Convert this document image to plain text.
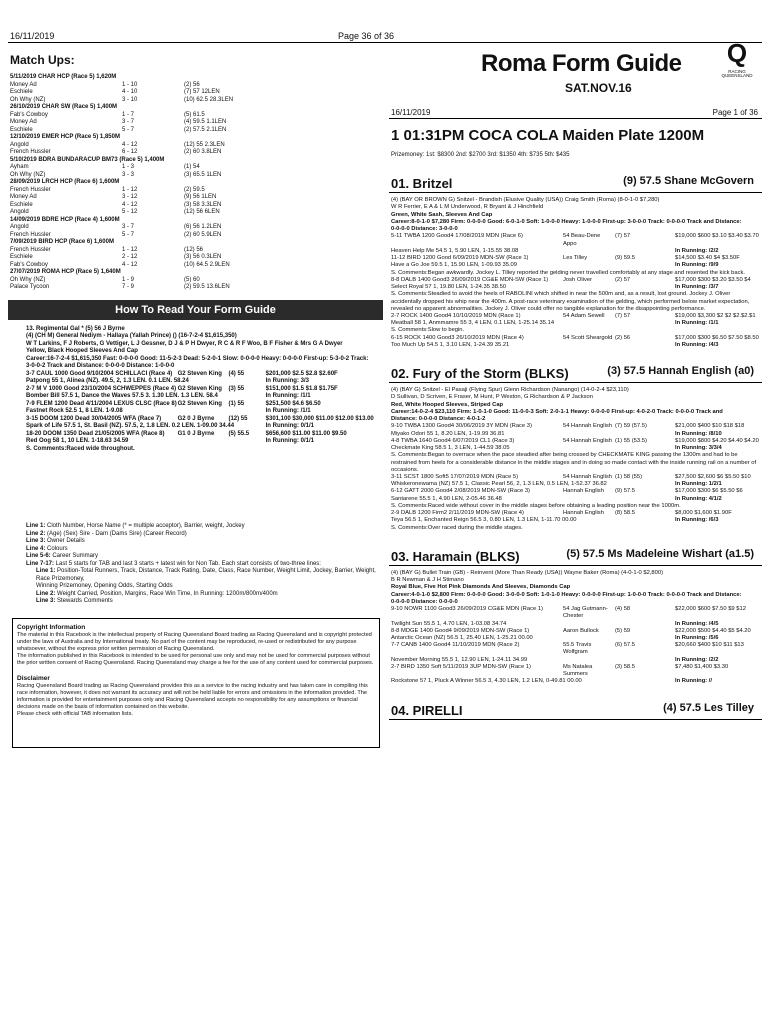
16/11/2019	Page 36 of 36
Match Ups:
5/11/2019 CHAR HCP (Race 5) 1,620M
Money Ad	1 - 10	(2) 56
Eschiele	4 - 10	(7) 57 12LEN
Oh Why (NZ)	3 - 10	(10) 62.5 28.3LEN
26/10/2019 CHAR SW (Race 5) 1,400M
Fab's Cowboy	1 - 7	(5) 61.5
Money Ad	3 - 7	(4) 59.5 1.1LEN
Eschiele	5 - 7	(2) 57.5 2.1LEN
12/10/2019 EMER HCP (Race 5) 1,850M
Angold	4 - 12	(12) 55 2.3LEN
French Hussler	6 - 12	(2) 60 3.8LEN
5/10/2019 BDRA BUNDARACUP BM73 (Race 5) 1,400M
Ayham	1 - 3	(1) 54
Oh Why (NZ)	3 - 3	(3) 65.5 1LEN
28/09/2019 LRCH HCP (Race 6) 1,600M
French Hussler	1 - 12	(2) 59.5
Money Ad	3 - 12	(9) 56 1LEN
Eschiele	4 - 12	(3) 58 3.3LEN
Angold	5 - 12	(12) 56 6LEN
14/09/2019 BDRE HCP (Race 4) 1,600M
Angold	3 - 7	(6) 56 1.2LEN
French Hussler	5 - 7	(2) 60 5.9LEN
7/09/2019 BIRD HCP (Race 6) 1,600M
French Hussler	1 - 12	(12) 56
Eschiele	2 - 12	(3) 56 0.3LEN
Fab's Cowboy	4 - 12	(10) 64.5 2.9LEN
27/07/2019 ROMA HCP (Race 5) 1,640M
Oh Why (NZ)	1 - 9	(5) 60
Palace Tycoon	7 - 9	(2) 59.5 13.6LEN
How To Read Your Form Guide
13. Regimental Gal * (5) 56 J Byrne
(4) (CH M) General Nediym - Hallaya (Yallah Prince) () (16-7-2-4 $1,615,350)
W T Larkins, F J Roberts, G Vettiger, L J Gessner, D J & P H Dwyer, R C & R F Woo, B F Fisher & Mrs G A Dwyer
Yellow, Black Hooped Sleeves And Cap
Career:16-7-2-4 $1,615,350 Fast: 0-0-0-0 Good: 11-5-2-3 Dead: 5-2-0-1 Slow: 0-0-0-0 Heavy: 0-0-0-0 First-up: 5-3-0-2 Track:
3-0-0-2 Track and Distance: 0-0-0-0 Distance: 1-0-0-0
3-7 CAUL 1000 Good 9/10/2004 SCHILLACI (Race 4) G2 Steven King	(4) 55	$201,000 $2.5 $2.8 $2.60F
Patpong 55 1, Alinea (NZ). 49.5, 2, 1.3 LEN. 0.1 LEN. 58.24	In Running: 3/3
2-7 M V 1000 Good 23/10/2004 SCHWEPPES (Race 4) G2 Steven King	(3) 55	$151,000 $1.5 $1.8 $1.75F
Bomber Bill 57.5 1, Dance the Waves 57.5 3. 1.30 LEN. 1.3 LEN. 58.4	In Running: /1/1
7-9 FLEM 1200 Dead 4/11/2004 LEXUS CLSC (Race 8) G2 Steven King	(1) 55	$251,500 $4.6 $6.50
Fastnet Rock 52.5 1, 8 LEN. 1-9.08	In Running: /1/1
3-15 DOOM 1200 Dead 30/04/2005 WFA (Race 7)	G2 0 J Byrne	(12) 55	$301,100 $30,000 $11.00 $12.00 $13.00
Spark of Life 57.5 1, St. Basil (NZ). 57.5, 2, 1.8 LEN. 0.2 LEN. 1-09.00 34.44	In Running: 0/1/1
18-20 DOOM 1350 Dead 21/05/2005 WFA (Race 8)	G1 0 J Byrne	(5) 55.5	$656,600 $11.00 $11.00 $9.50
Red Oog 58 1, 10 LEN. 1-18.63 34.59	In Running: 0/1/1
S. Comments:Raced wide throughout.
Line 1: Cloth Number, Horse Name (* = multiple acceptor), Barrier, weight, Jockey
Line 2: (Age) (Sex) Sire - Dam (Dams Sire) (Career Record)
Line 3: Owner Details
Line 4: Colours
Line 5-6: Career Summary
Line 7-17: Last 5 starts for TAB and last 3 starts + latest win for Non Tab. Each start consists of two-three lines:
Line 1: Position-Total Runners, Track, Distance, Track Rating, Date, Class, Race Number, Weight Limit, Jockey, Barrier, Weight, Race Prizemoney,
Winning Prizemoney, Opening Odds, Starting Odds
Line 2: Weight Carried, Position, Margins, Race Win Time, In Running: 1200m/800m/400m
Line 3: Stewards Comments
Copyright Information
The material in this Racebook is the intellectual property of Racing Queensland Board trading as Racing Queensland and is copyright protected under the laws of Australia and by International treaty. No part of the content may be reproduced, re-used or redistributed for any purpose whatsoever, without the express prior written permission of Racing Queensland.
The information published in this Racebook is intended to be used for personal use only and may not be used for commercial purposes without the prior written consent of Racing Queensland. Racing Queensland may charge a fee for the use of any content used for commercial purposes.
Disclaimer
Racing Queensland Board trading as Racing Queensland provides this as a service to the racing industry and has taken care in compiling this race information, however, it does not warrant its accuracy and will not be held liable for errors and omissions in the information provided. The information is provided for entertainment purposes only and Racing Queensland accepts no responsibility for any assumptions or financial decisions made on the basis of information contained on this website.
Please check with official TAB information lists.
Roma Form Guide Q
RACING QUEENSLAND
SAT.NOV.16
16/11/2019	Page 1 of 36
1 01:31PM COCA COLA Maiden Plate 1200M
Prizemoney: 1st: $8300 2nd: $2700 3rd: $1350 4th: $735 5th: $435
01. Britzel	(9) 57.5 Shane McGovern
(4) (BAY OR BROWN G) Snitzel - Brandish (Elusive Quality (USA)) Craig Smith (Roma) (8-0-1-0 $7,280)
W R Ferrier, E A & L M Underwood, R Bryant & J Hinchfield
Green, White Sash, Sleeves And Cap
Career:8-0-1-0 $7,280 Firm: 0-0-0-0 Good: 6-0-1-0 Soft: 1-0-0-0 Heavy: 1-0-0-0 First-up: 3-0-0-0 Track: 0-0-0-0 Track and Distance:
0-0-0-0 Distance: 3-0-0-0
5-11 TWBA 1200 Good4 17/08/2019 MDN (Race 6)	54 Beau-Dene Appo
(7) 57	$19,000 $600 $3.10 $3.40 $3.70
Heaven Help Me 54.5 1, 5.90 LEN, 1-15.55 38.08	In Running: /2/2
11-12 BIRD 1200 Good 6/09/2019 MDN-SW (Race 1)	Les Tilley	(9) 59.5	$14,500 $3.40 $4 $3.50F
Have a Go Joe 59.5 1, 15.90 LEN, 1-09.93 35.09	In Running: /9/9
S. Comments:Began awkwardly. Jockey L. Tilley reported the gelding never travelled comfortably at any stage and resented the kick back.
8-8 DALB 1400 Good3 26/09/2019 CG&E MDN-SW (Race 1)	Josh Oliver	(2) 57	$17,000 $300 $3.20 $3.50 $4
Select Royal 57 1, 19.80 LEN, 1-24.35 38.50	In Running: /3/7
S. Comments:Steadied to avoid the heels of RABOLINI which shifted in near the 500m and, as a result, lost ground. Jockey J. Oliver accidentally dropped his whip near the 400m. A post-race veterinary examination of the gelding, which performed below market expectation, revealed no apparent abnormalities. Jockey J. Oliver could offer no tangible explanation for the disappointing performance.
2-7 ROCK 1400 Good4 10/10/2019 MDN (Race 1)	54 Adam Sewell	(7) 57	$19,000 $3,300 $2 $2 $2.$2.$1
Meatball 58 1, Anmmamre 55 3, 4 LEN, 0.1 LEN, 1-25.14 35.14	In Running: /1/1
S. Comments:Slow to begin.
6-15 ROCK 1400 Good3 26/10/2019 MDN (Race 4)	54 Scott Sheargold (2) 56	$17,000 $300 $6.50 $7.50 $8.50
Too Much Up 54.5 1, 3.10 LEN, 1-24.39 35.21	In Running: /4/3
02. Fury of the Storm (BLKS)	(3) 57.5 Hannah English (a0)
(4) (BAY G) Snitzel - El Pasaji (Flying Spur) Glenn Richardson (Nanango) (14-0-2-4 $23,110)
D Sullivan, D Scriven, E Fraser, M Hunt, P Weston, G Richardson & P Jackson
Red, White Hooped Sleeves, Striped Cap
Career:14-0-2-4 $23,110 Firm: 1-0-1-0 Good: 11-0-0-3 Soft: 2-0-1-1 Heavy: 0-0-0-0 First-up: 4-0-2-0 Track: 0-0-0-0 Track and
Distance: 0-0-0-0 Distance: 4-0-1-2
9-10 TWBA 1300 Good4 30/06/2019 3Y MDN (Race 3)	54 Hannah English (7) 59 (57.5)	$21,000 $400 $10 $18 $18
Miyako Odori 55 1, 8.20 LEN, 1-19.99 36.81	In Running: /8/10
4-8 TWBA 1640 Good4 6/07/2019 CL1 (Race 3)	54 Hannah English (1) 55 (53.5)	$19,000 $800 $4.20 $4.40 $4.20
Checkmate King 58.5 1, 3 LEN, 1-44.59 38.05	In Running: 3/3/4
S. Comments:Began to overrace when the pace steadied after being crossed by CHECKMATE KING passing the 1300m and had to be restrained from heels for a considerable distance in the middle stages and in doing so made contact with the inside running rail on a number of occasions.
3-11 SCST 1800 Soft5 17/07/2019 MDN (Race 5)	54 Hannah English (1) 58 (55)	$27,500 $2,600 $6 $5.50 $10
Whiskeronewama (NZ) 57.5 1, Classic Pearl 56, 2, 1.3 LEN, 0.5 LEN, 1-52.37 36.82	In Running: 1/2/1
6-12 GATT 2000 Good4 2/08/2019 MDN-SW (Race 3)	Hannah English	(9) 57.5	$17,000 $300 $6 $5.50 $6
Santarene 55.5 1, 4.90 LEN, 2-05.46 36.48	In Running: 4/1/2
S. Comments:Raced wide without cover in the middle stages before obtaining a leading position near the 1000m.
2-9 DALB 1200 Firm2 2/11/2019 MDN-SW (Race 4)	Hannah English	(8) 58.5	$8,000 $1,600 $1.90F
Teya 56.5 1, Enchanted Reign 56.5 3, 0.80 LEN, 1.3 LEN, 1-11.70 00.00	In Running: /6/3
S. Comments:Over raced during the middle stages.
03. Haramain (BLKS)	(5) 57.5 Ms Madeleine Wishart (a1.5)
(4) (BAY G) Bullet Train (GB) - Reinvent (More Than Ready (USA)) Wayne Baker (Roma) (4-0-1-0 $2,800)
B R Newman & J H Stimano
Royal Blue, Five Hot Pink Diamonds And Sleeves, Diamonds Cap
Career:4-0-1-0 $2,800 Firm: 0-0-0-0 Good: 3-0-0-0 Soft: 1-0-1-0 Heavy: 0-0-0-0 First-up: 1-0-0-0 Track: 0-0-0-0 Track and Distance:
0-0-0-0 Distance: 0-0-0-0
9-10 NOWR 1100 Good3 26/09/2019 CG&E MDN (Race 1)	54 Jag Gutmann-Chester
(4) 58	$22,000 $600 $7.50 $9 $12
Twilight Sun 55.5 1, 4.70 LEN, 1-03.08 34.74	In Running: /4/5
8-8 MDGE 1400 Good4 9/09/2019 MDN-SW (Race 1)	Aaron Bullock	(5) 59	$22,000 $500 $4.40 $5 $4.20
Antarctic Ocean (NZ) 56.5 1, 25.40 LEN, 1-25.21 00.00	In Running: /5/6
7-7 CANB 1400 Good4 11/10/2019 MDN (Race 2)	55.5 Travis Wolfgram
(6) 57.5	$20,660 $400 $10 $11 $13
November Morning 55.5 1, 12.90 LEN, 1-24.11 34.99	In Running: /2/2
2-7 BIRD 1350 Soft 5/11/2019 3UP MDN-SW (Race 1)	Ms Natalea Summers
(3) 58.5	$7,480 $1,400 $3.30
Rockstone 57 1, Pluck A Winner 56.5 3, 4.30 LEN, 1.2 LEN, 0-49.81 00.00	In Running: //
04. PIRELLI	(4) 57.5 Les Tilley
